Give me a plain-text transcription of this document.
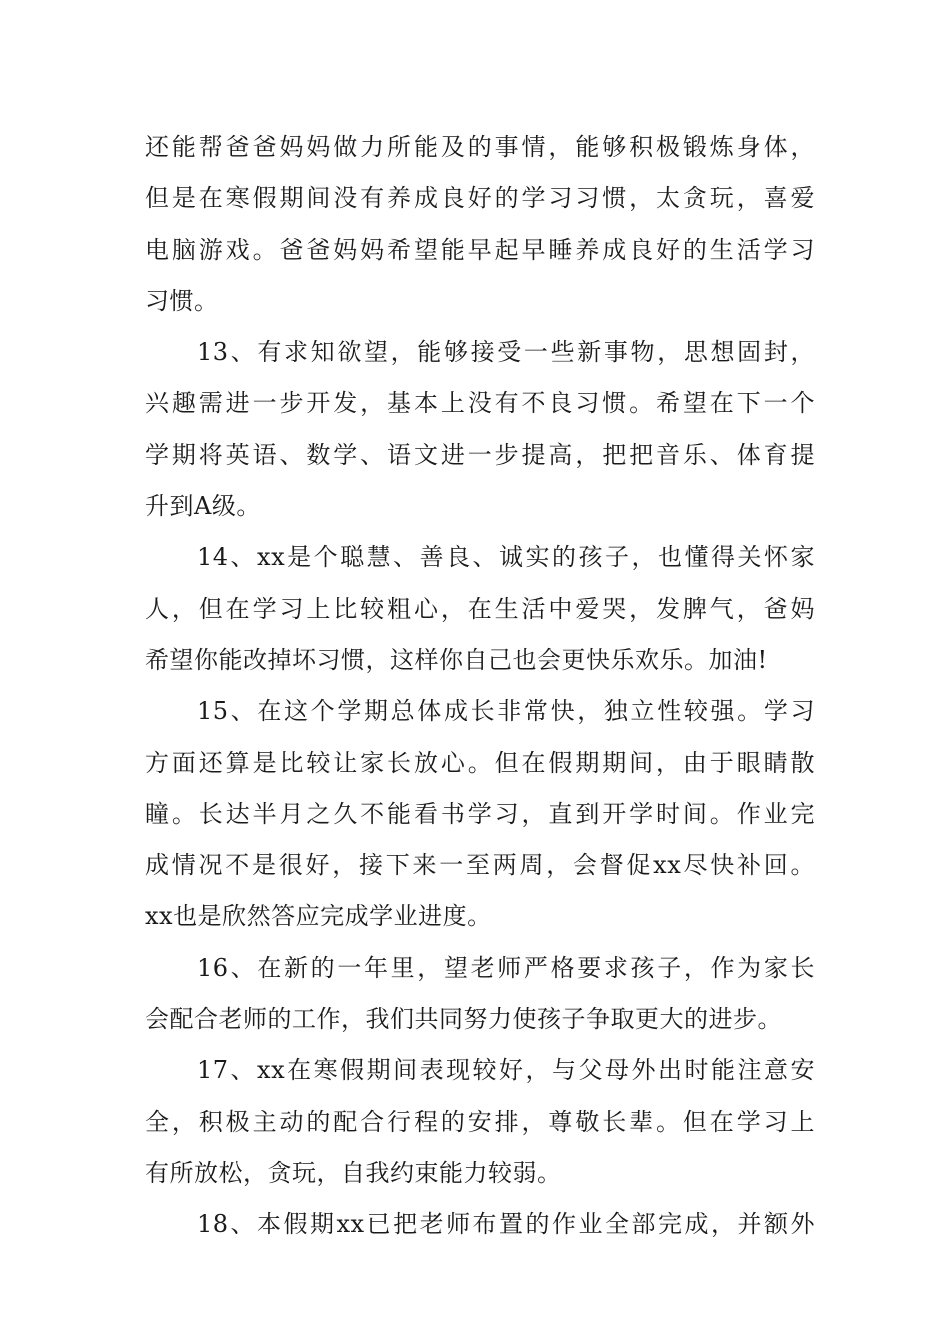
还能帮爸爸妈妈做力所能及的事情，能够积极锻炼身体，
但是在寒假期间没有养成良好的学习习惯，太贪玩，喜爱
电脑游戏。爸爸妈妈希望能早起早睡养成良好的生活学习
习惯。
13、有求知欲望，能够接受一些新事物，思想固封，
兴趣需进一步开发，基本上没有不良习惯。希望在下一个
学期将英语、数学、语文进一步提高，把把音乐、体育提
升到A级。
14、xx是个聪慧、善良、诚实的孩子，也懂得关怀家
人，但在学习上比较粗心，在生活中爱哭，发脾气，爸妈
希望你能改掉坏习惯，这样你自己也会更快乐欢乐。加油!
15、在这个学期总体成长非常快，独立性较强。学习
方面还算是比较让家长放心。但在假期期间，由于眼睛散
瞳。长达半月之久不能看书学习，直到开学时间。作业完
成情况不是很好，接下来一至两周，会督促xx尽快补回。
xx也是欣然答应完成学业进度。
16、在新的一年里，望老师严格要求孩子，作为家长
会配合老师的工作，我们共同努力使孩子争取更大的进步。
17、xx在寒假期间表现较好，与父母外出时能注意安
全，积极主动的配合行程的安排，尊敬长辈。但在学习上
有所放松，贪玩，自我约束能力较弱。
18、本假期xx已把老师布置的作业全部完成，并额外
